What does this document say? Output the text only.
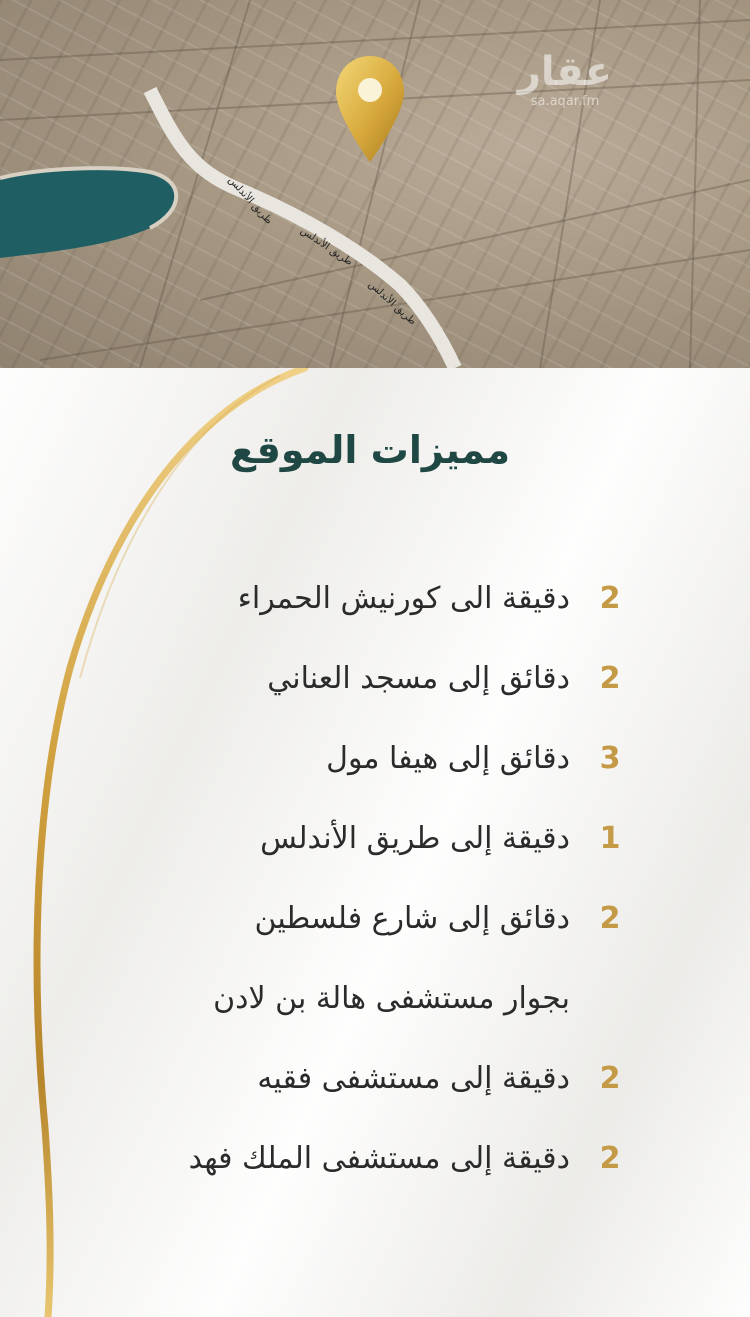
طريق الأندلس
طريق الأندلس
طريق الأندلس
عقار
sa.aqar.fm
مميزات الموقع
2
دقيقة الى كورنيش الحمراء
2
دقائق إلى مسجد العناني
3
دقائق إلى هيفا مول
1
دقيقة إلى طريق الأندلس
2
دقائق إلى شارع فلسطين
بجوار مستشفى هالة بن لادن
2
دقيقة إلى مستشفى فقيه
2
دقيقة إلى مستشفى الملك فهد
